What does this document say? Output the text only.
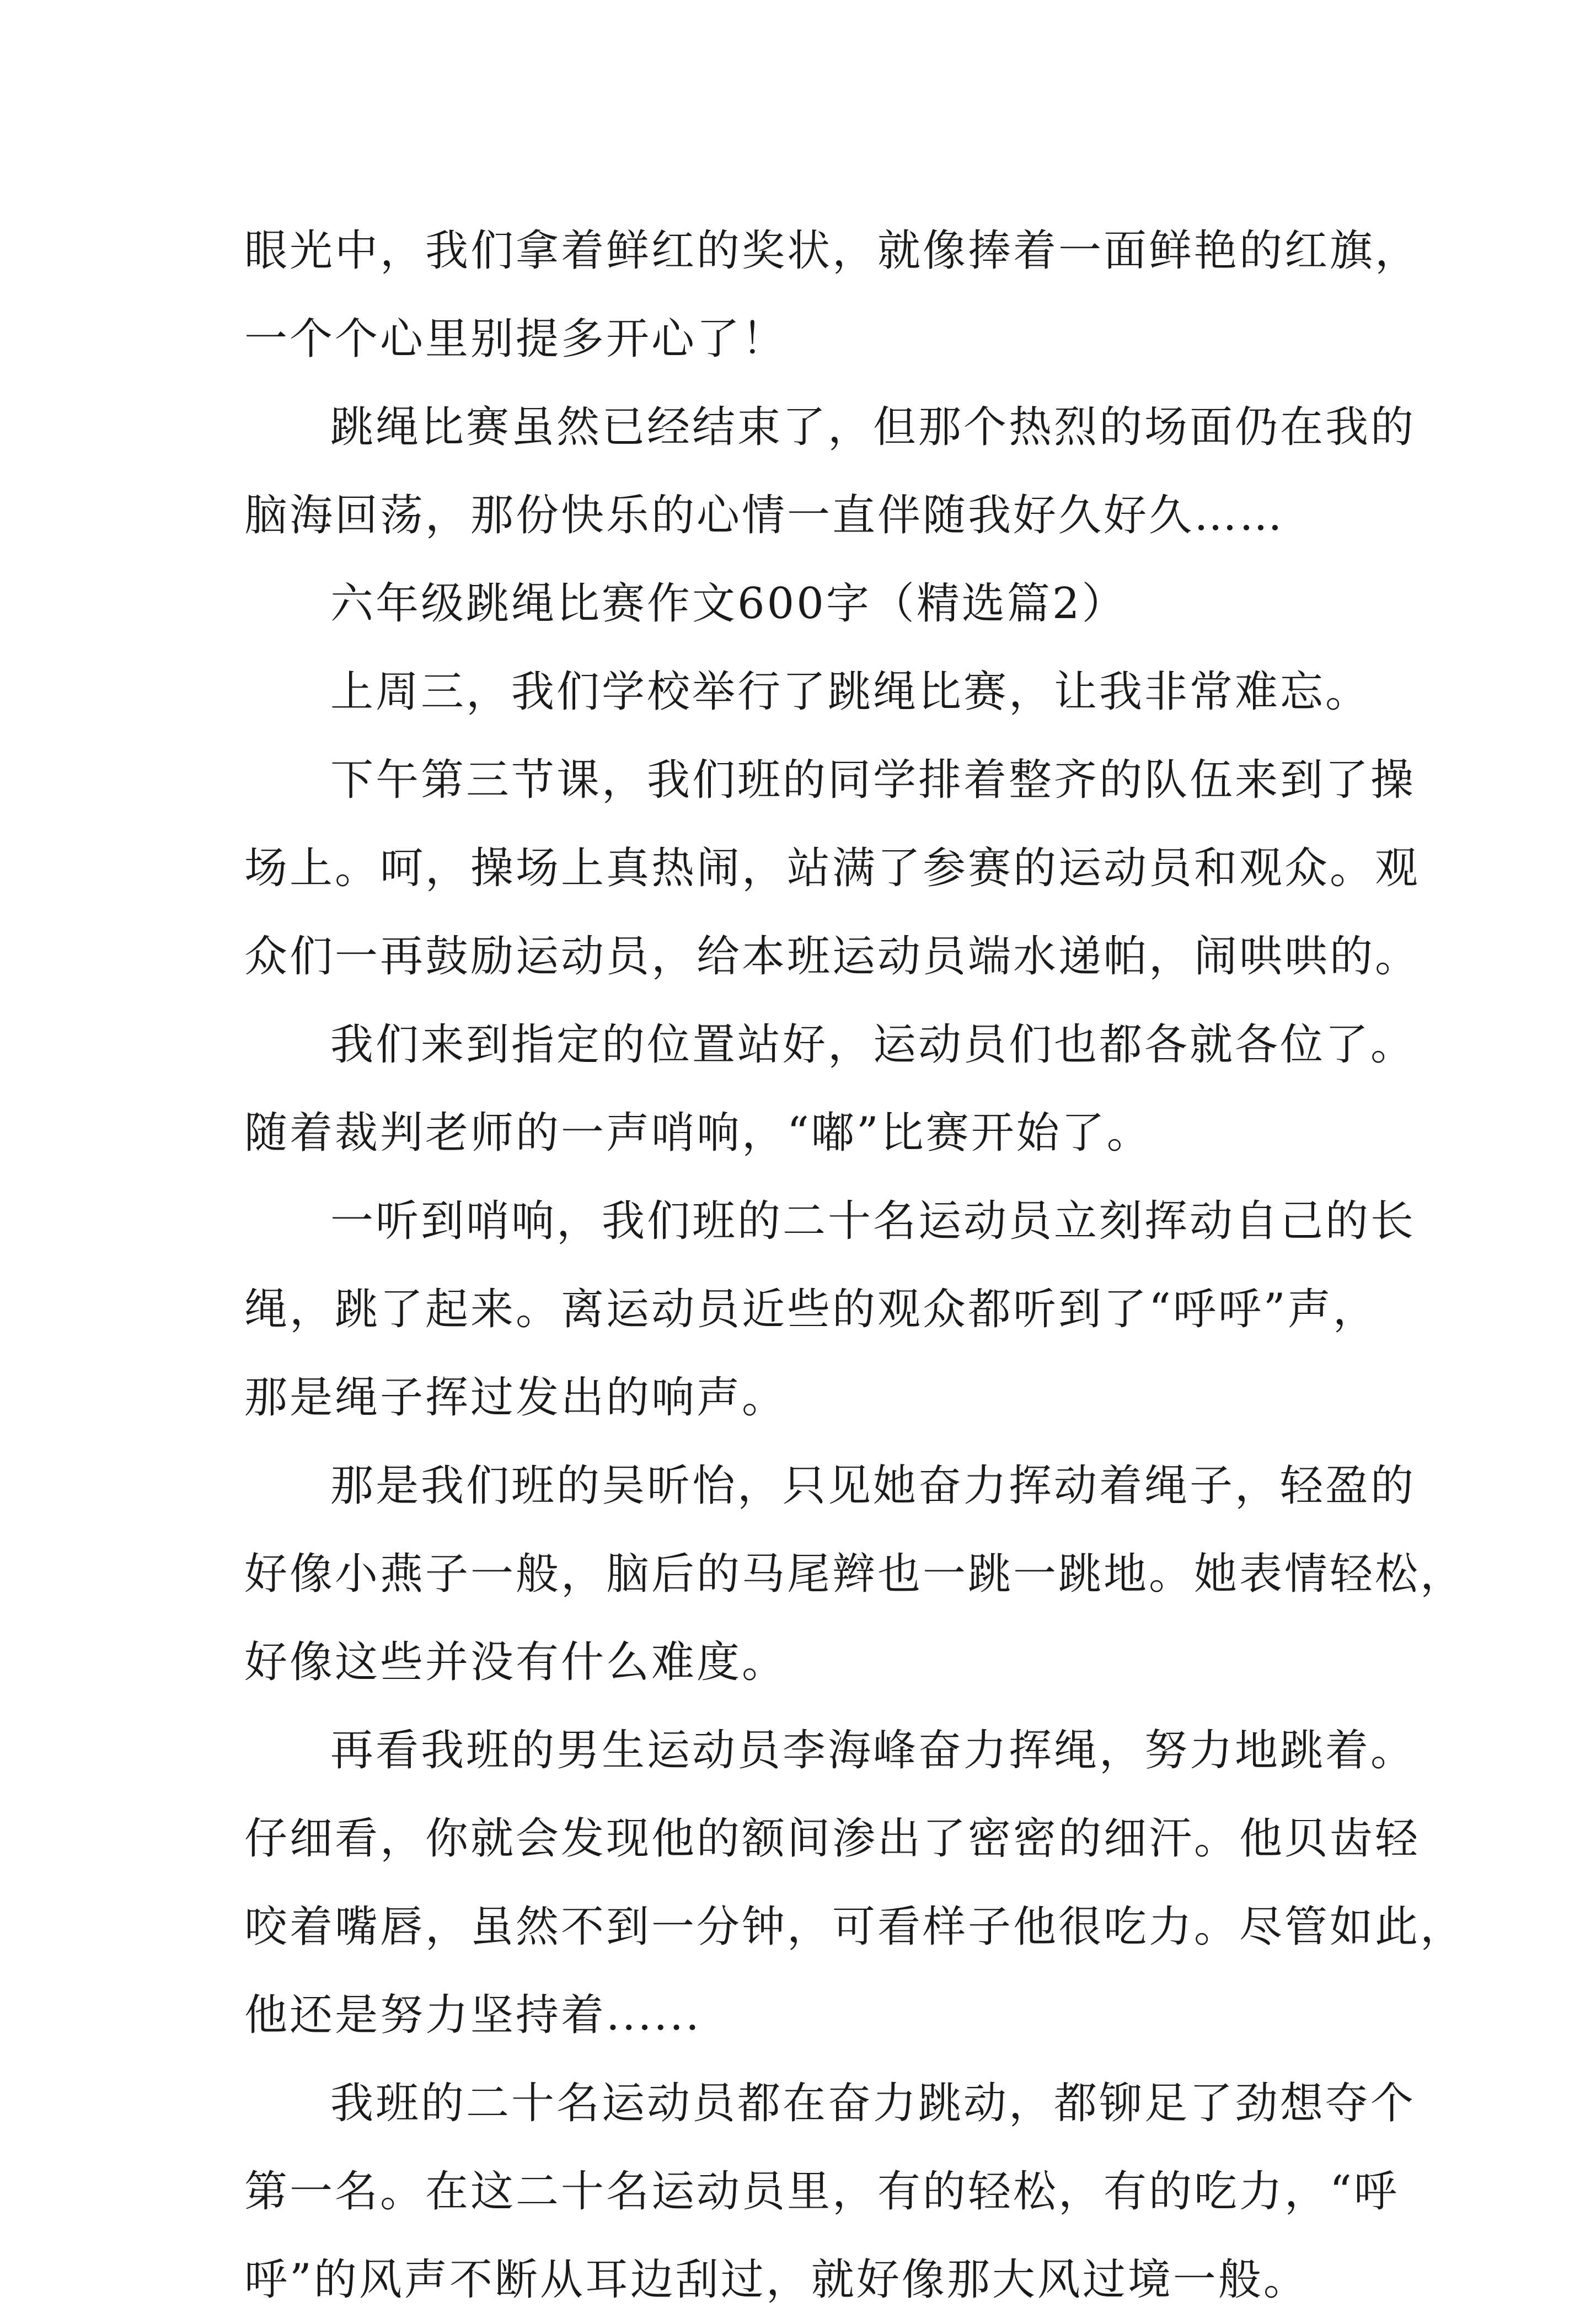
眼光中，我们拿着鲜红的奖状，就像捧着一面鲜艳的红旗，
一个个心里别提多开心了！
跳绳比赛虽然已经结束了，但那个热烈的场面仍在我的
脑海回荡，那份快乐的心情一直伴随我好久好久……
六年级跳绳比赛作文600字（精选篇2）
上周三，我们学校举行了跳绳比赛，让我非常难忘。
下午第三节课，我们班的同学排着整齐的队伍来到了操
场上。呵，操场上真热闹，站满了参赛的运动员和观众。观
众们一再鼓励运动员，给本班运动员端水递帕，闹哄哄的。
我们来到指定的位置站好，运动员们也都各就各位了。
随着裁判老师的一声哨响，“嘟”比赛开始了。
一听到哨响，我们班的二十名运动员立刻挥动自己的长
绳，跳了起来。离运动员近些的观众都听到了“呼呼”声，
那是绳子挥过发出的响声。
那是我们班的吴昕怡，只见她奋力挥动着绳子，轻盈的
好像小燕子一般，脑后的马尾辫也一跳一跳地。她表情轻松，
好像这些并没有什么难度。
再看我班的男生运动员李海峰奋力挥绳，努力地跳着。
仔细看，你就会发现他的额间渗出了密密的细汗。他贝齿轻
咬着嘴唇，虽然不到一分钟，可看样子他很吃力。尽管如此，
他还是努力坚持着......
我班的二十名运动员都在奋力跳动，都铆足了劲想夺个
第一名。在这二十名运动员里，有的轻松，有的吃力，“呼
呼”的风声不断从耳边刮过，就好像那大风过境一般。
